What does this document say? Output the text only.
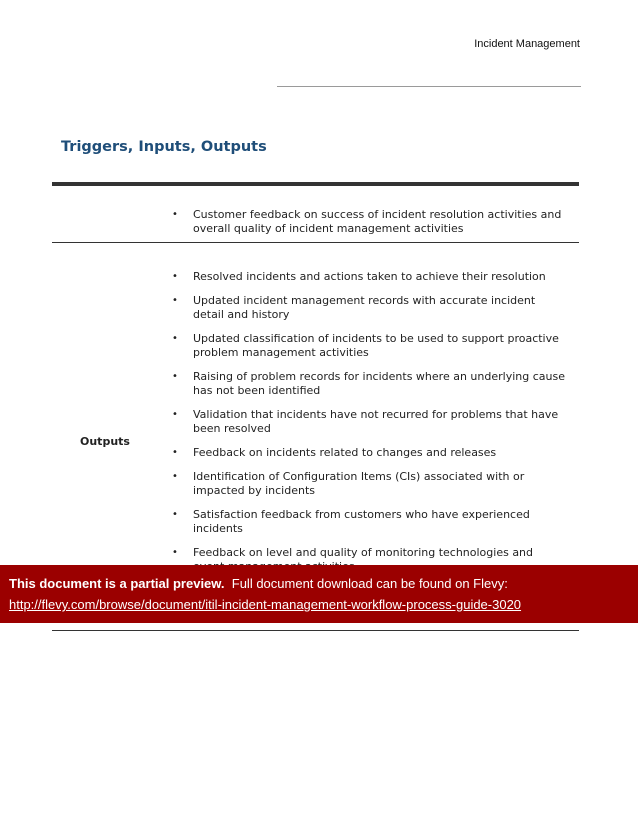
Incident Management
Triggers, Inputs, Outputs
• Customer feedback on success of incident resolution activities and overall quality of incident management activities
Outputs
• Resolved incidents and actions taken to achieve their resolution
• Updated incident management records with accurate incident detail and history
• Updated classification of incidents to be used to support proactive problem management activities
• Raising of problem records for incidents where an underlying cause has not been identified
• Validation that incidents have not recurred for problems that have been resolved
• Feedback on incidents related to changes and releases
• Identification of Configuration Items (CIs) associated with or impacted by incidents
• Satisfaction feedback from customers who have experienced incidents
• Feedback on level and quality of monitoring technologies and
This document is a partial preview. Full document download can be found on Flevy:
http://flevy.com/browse/document/itil-incident-management-workflow-process-guide-3020
